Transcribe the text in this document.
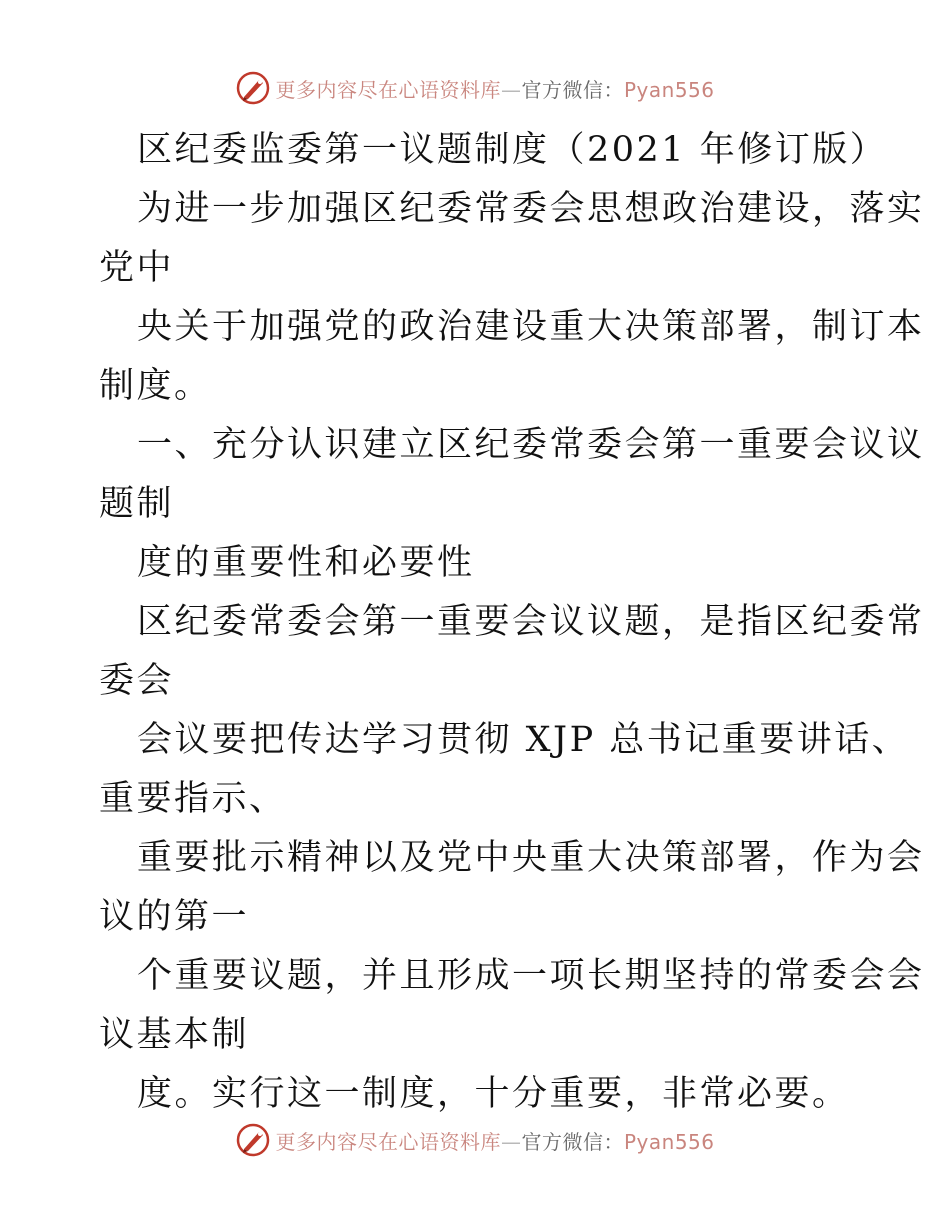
更多内容尽在心语资料库—官方微信：Pyan556
区纪委监委第一议题制度（2021 年修订版）
为进一步加强区纪委常委会思想政治建设，落实
党中
央关于加强党的政治建设重大决策部署，制订本
制度。
一、充分认识建立区纪委常委会第一重要会议议
题制
度的重要性和必要性
区纪委常委会第一重要会议议题，是指区纪委常
委会
会议要把传达学习贯彻 XJP 总书记重要讲话、
重要指示、
重要批示精神以及党中央重大决策部署，作为会
议的第一
个重要议题，并且形成一项长期坚持的常委会会
议基本制
度。实行这一制度，十分重要，非常必要。
更多内容尽在心语资料库—官方微信：Pyan556
